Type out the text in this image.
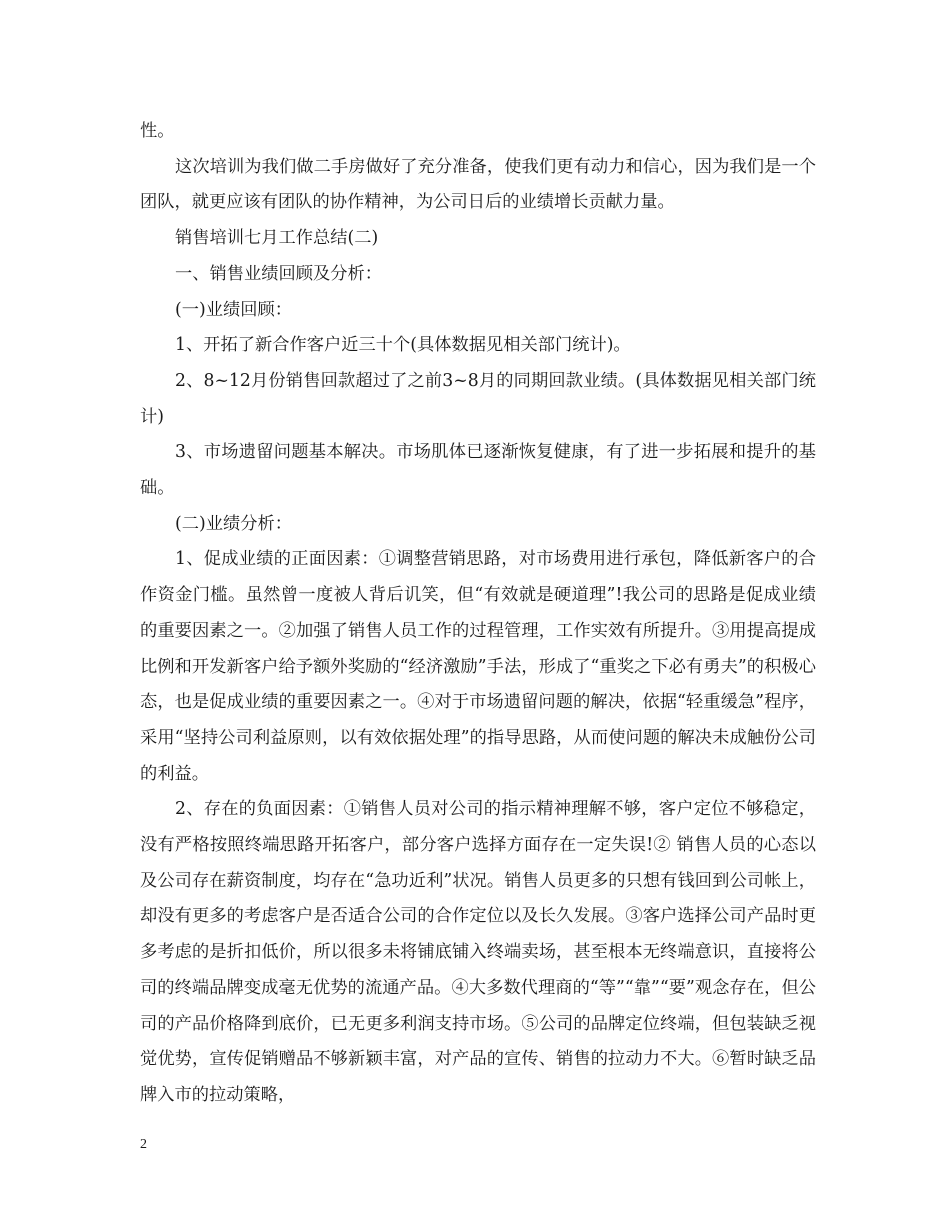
性。

这次培训为我们做二手房做好了充分准备，使我们更有动力和信心，因为我们是一个团队，就更应该有团队的协作精神，为公司日后的业绩增长贡献力量。

销售培训七月工作总结(二)

一、销售业绩回顾及分析：

(一)业绩回顾：

1、开拓了新合作客户近三十个(具体数据见相关部门统计)。

2、8~12月份销售回款超过了之前3~8月的同期回款业绩。(具体数据见相关部门统计)

3、市场遗留问题基本解决。市场肌体已逐渐恢复健康，有了进一步拓展和提升的基础。

(二)业绩分析：

1、促成业绩的正面因素：①调整营销思路，对市场费用进行承包，降低新客户的合作资金门槛。虽然曾一度被人背后讥笑，但“有效就是硬道理”!我公司的思路是促成业绩的重要因素之一。②加强了销售人员工作的过程管理，工作实效有所提升。③用提高提成比例和开发新客户给予额外奖励的“经济激励”手法，形成了“重奖之下必有勇夫”的积极心态，也是促成业绩的重要因素之一。④对于市场遗留问题的解决，依据“轻重缓急”程序，采用“坚持公司利益原则，以有效依据处理”的指导思路，从而使问题的解决未成触份公司的利益。

2、存在的负面因素：①销售人员对公司的指示精神理解不够，客户定位不够稳定，没有严格按照终端思路开拓客户，部分客户选择方面存在一定失误!② 销售人员的心态以及公司存在薪资制度，均存在“急功近利”状况。销售人员更多的只想有钱回到公司帐上，却没有更多的考虑客户是否适合公司的合作定位以及长久发展。③客户选择公司产品时更多考虑的是折扣低价，所以很多未将铺底铺入终端卖场，甚至根本无终端意识，直接将公司的终端品牌变成毫无优势的流通产品。④大多数代理商的“等”“靠”“要”观念存在，但公司的产品价格降到底价，已无更多利润支持市场。⑤公司的品牌定位终端，但包装缺乏视觉优势，宣传促销赠品不够新颖丰富，对产品的宣传、销售的拉动力不大。⑥暂时缺乏品牌入市的拉动策略，

2
